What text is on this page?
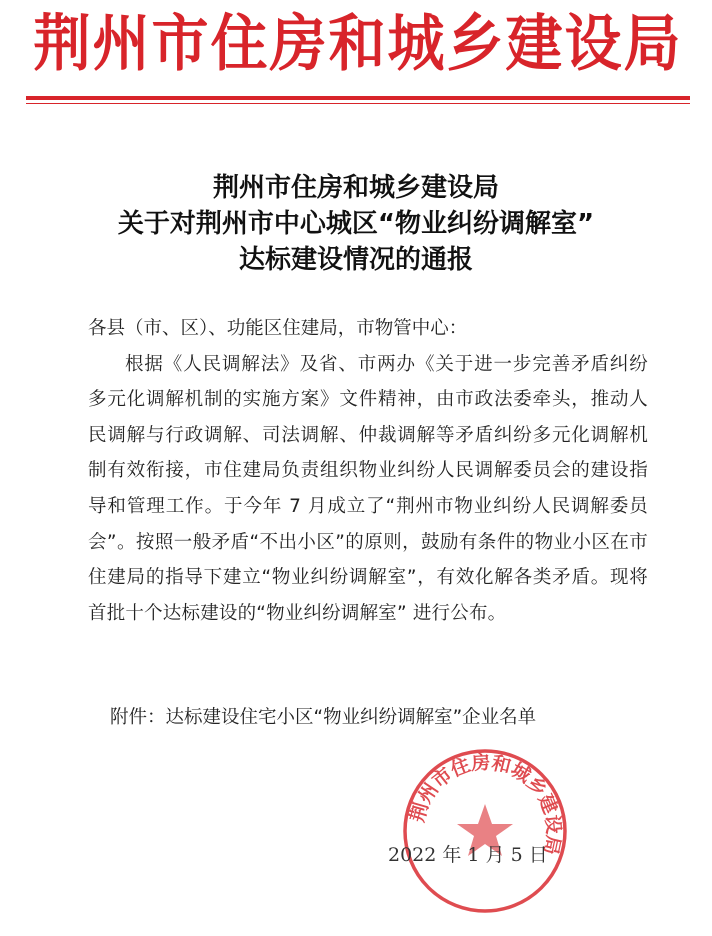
荆州市住房和城乡建设局
荆州市住房和城乡建设局
关于对荆州市中心城区“物业纠纷调解室”
达标建设情况的通报
各县（市、区）、功能区住建局，市物管中心：
根据《人民调解法》及省、市两办《关于进一步完善矛盾纠纷多元化调解机制的实施方案》文件精神，由市政法委牵头，推动人民调解与行政调解、司法调解、仲裁调解等矛盾纠纷多元化调解机制有效衔接，市住建局负责组织物业纠纷人民调解委员会的建设指导和管理工作。于今年 7 月成立了“荆州市物业纠纷人民调解委员会”。按照一般矛盾“不出小区”的原则，鼓励有条件的物业小区在市住建局的指导下建立“物业纠纷调解室”，有效化解各类矛盾。现将首批十个达标建设的“物业纠纷调解室” 进行公布。
附件：达标建设住宅小区“物业纠纷调解室”企业名单
荆州市住房和城乡建设局
2022 年 1 月 5 日
